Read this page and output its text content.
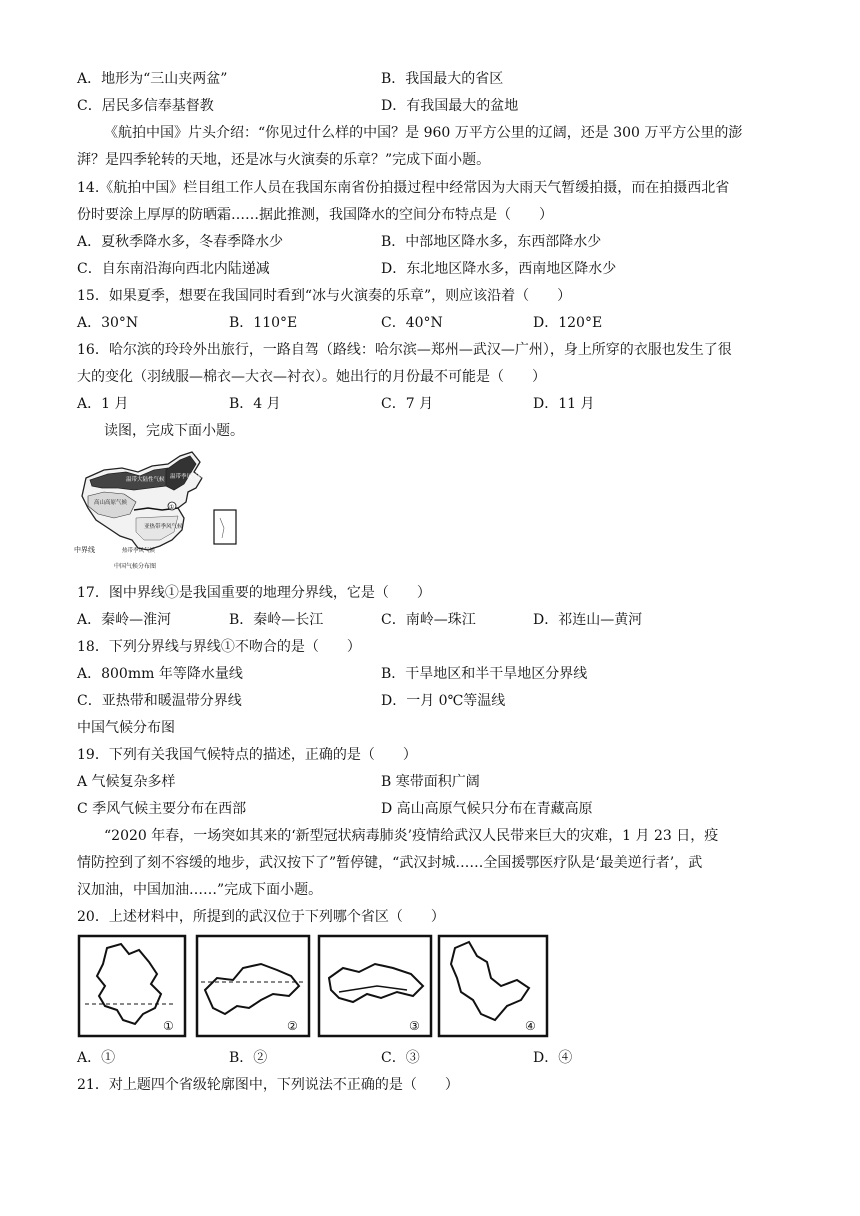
A．地形为“三山夹两盆”	B．我国最大的省区
C．居民多信奉基督教	D．有我国最大的盆地
《航拍中国》片头介绍：“你见过什么样的中国？是 960 万平方公里的辽阔，还是 300 万平方公里的澎
湃？是四季轮转的天地，还是冰与火演奏的乐章？”完成下面小题。
14.《航拍中国》栏目组工作人员在我国东南省份拍摄过程中经常因为大雨天气暂缓拍摄，而在拍摄西北省
份时要涂上厚厚的防晒霜……据此推测，我国降水的空间分布特点是（　　）
A．夏秋季降水多，冬春季降水少	B．中部地区降水多，东西部降水少
C．自东南沿海向西北内陆递减	D．东北地区降水多，西南地区降水少
15．如果夏季，想要在我国同时看到“冰与火演奏的乐章”，则应该沿着（　　）
A．30°N	B．110°E	C．40°N	D．120°E
16．哈尔滨的玲玲外出旅行，一路自驾（路线：哈尔滨—郑州—武汉—广州），身上所穿的衣服也发生了很
大的变化（羽绒服—棉衣—大衣—衬衣）。她出行的月份最不可能是（　　）
A．1 月	B．4 月	C．7 月	D．11 月
读图，完成下面小题。
温带大陆性气候 温带季风气候
高山高原气候
亚热带季风气候
热带季风气候
①
中界线
中国气候分布图
17．图中界线①是我国重要的地理分界线，它是（　　）
A．秦岭—淮河	B．秦岭—长江	C．南岭—珠江	D．祁连山—黄河
18．下列分界线与界线①不吻合的是（　　）
A．800mm 年等降水量线	B．干旱地区和半干旱地区分界线
C．亚热带和暖温带分界线	D．一月 0℃等温线
中国气候分布图
19．下列有关我国气候特点的描述，正确的是（　　）
A 气候复杂多样	B 寒带面积广阔
C 季风气候主要分布在西部	D 高山高原气候只分布在青藏高原
“2020 年春，一场突如其来的‘新型冠状病毒肺炎’疫情给武汉人民带来巨大的灾难，1 月 23 日，疫
情防控到了刻不容缓的地步，武汉按下了”暂停键，“武汉封城……全国援鄂医疗队是‘最美逆行者’，武
汉加油，中国加油……”完成下面小题。
20．上述材料中，所提到的武汉位于下列哪个省区（　　）
①	②	③	④
A．①	B．②	C．③	D．④
21．对上题四个省级轮廓图中，下列说法不正确的是（　　）
